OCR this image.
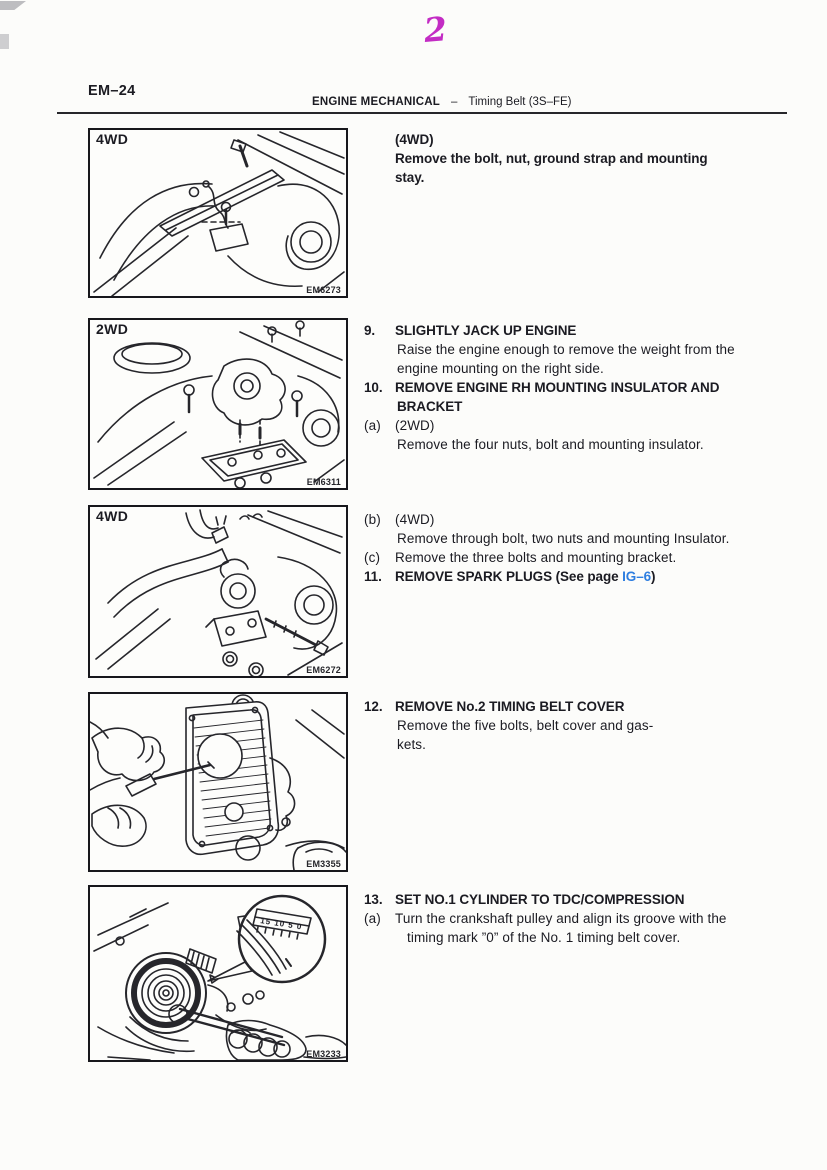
2
EM–24
ENGINE MECHANICAL – Timing Belt (3S–FE)
4WD
EM6273
2WD
EM6311
4WD
EM6272
EM3355
15 10 5 0
EM3233
(4WD)
Remove the bolt, nut, ground strap and mounting
stay.
9. SLIGHTLY JACK UP ENGINE
Raise the engine enough to remove the weight from the
engine mounting on the right side.
10. REMOVE ENGINE RH MOUNTING INSULATOR AND
BRACKET
(a) (2WD)
Remove the four nuts, bolt and mounting insulator.
(b) (4WD)
Remove through bolt, two nuts and mounting Insulator.
(c) Remove the three bolts and mounting bracket.
11. REMOVE SPARK PLUGS (See page IG–6)
12. REMOVE No.2 TIMING BELT COVER
Remove the five bolts, belt cover and gas-
kets.
13. SET NO.1 CYLINDER TO TDC/COMPRESSION
(a) Turn the crankshaft pulley and align its groove with the
timing mark ”0” of the No. 1 timing belt cover.
